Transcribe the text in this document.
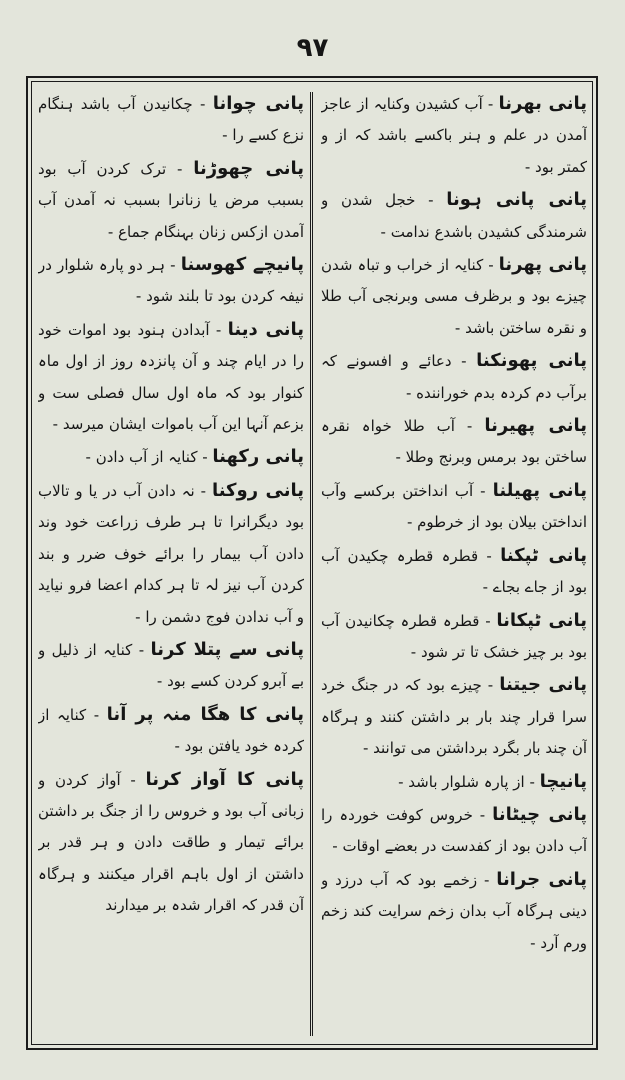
۹۷

پانی بھرنا - آب کشیدن وکنایہ از عاجز آمدن در علم و ہنر باکسے باشد کہ از و کمتر بود -

پانی پانی ہونا - خجل شدن و شرمندگی کشیدن باشدع ندامت -

پانی پھرنا - کنایہ از خراب و تباہ شدن چیزے بود و برظرف مسی وبرنجی آب طلا و نقرہ ساختن باشد -

پانی پھونکنا - دعائے و افسونے کہ برآب دم کردہ بدم خوراننده -

پانی پھیرنا - آب طلا خواہ نقرہ ساختن بود برمس وبرنج وطلا -

پانی پھیلنا - آب انداختن برکسے وآب انداختن بیلان بود از خرطوم -

پانی ٹپکنا - قطرہ قطرہ چکیدن آب بود از جاے بجاے -

پانی ٹپکانا - قطرہ قطرہ چکانیدن آب بود بر چیز خشک تا تر شود -

پانی جیتنا - چیزے بود کہ در جنگ خرد سرا قرار چند بار بر داشتن کنند و ہرگاہ آن چند بار بگرد برداشتن می توانند -

پانیچا - از پارہ شلوار باشد -

پانی چیٹانا - خروس کوفت خوردہ را آب دادن بود از کفدست در بعضے اوقات -

پانی جرانا - زخمے بود کہ آب درزد و دینی ہرگاہ آب بدان زخم سرایت کند زخم ورم آرد -

پانی چوانا - چکانیدن آب باشد ہنگام نزع کسے را -

پانی چھوڑنا - ترک کردن آب بود بسبب مرض یا زنانرا بسبب نہ آمدن آب آمدن ازکس زنان بہنگام جماع -

پانیچے کھوسنا - ہر دو پارہ شلوار در نیفہ کردن بود تا بلند شود -

پانی دینا - آبدادن ہنود بود اموات خود را در ایام چند و آن پانزدہ روز از اول ماہ کنوار بود کہ ماہ اول سال فصلی ست و بزعم آنہا این آب باموات ایشان میرسد -

پانی رکھنا - کنایہ از آب دادن -

پانی روکنا - نہ دادن آب در یا و تالاب بود دیگرانرا تا ہر طرف زراعت خود وند دادن آب بیمار را برائے خوف ضرر و بند کردن آب نیز لہ تا ہر کدام اعضا فرو نیاید و آب ندادن فوج دشمن را -

پانی سے پتلا کرنا - کنایہ از ذلیل و بے آبرو کردن کسے بود -

پانی کا ھگا منہ پر آنا - کنایہ از کردہ خود یافتن بود -

پانی کا آواز کرنا - آواز کردن و زبانی آب بود و خروس را از جنگ بر داشتن برائے تیمار و طاقت دادن و ہر قدر بر داشتن از اول باہم اقرار میکنند و ہرگاہ آن قدر کہ اقرار شدہ بر میدارند
